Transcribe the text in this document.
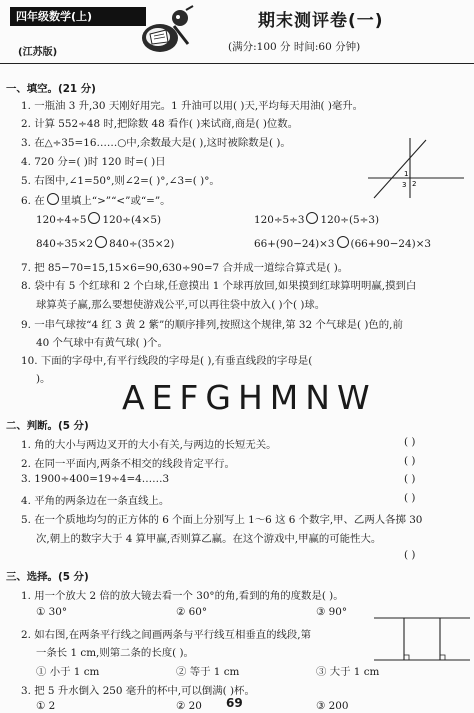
四年级数学(上)
(江苏版)
期末测评卷(一)
(满分:100 分 时间:60 分钟)
一、填空。(21 分)
1. 一瓶油 3 升,30 天刚好用完。1 升油可以用( )天,平均每天用油( )毫升。
2. 计算 552÷48 时,把除数 48 看作( )来试商,商是( )位数。
3. 在△÷35=16……○中,余数最大是( ),这时被除数是( )。
4. 720 分=( )时 120 时=( )日
5. 右图中,∠1=50°,则∠2=( )°,∠3=( )°。
1
2
3
6. 在 里填上“>”“<”或“=”。
120÷4÷5 120÷(4×5)	120÷5÷3 120÷(5÷3)
840÷35×2 840÷(35×2)	66+(90−24)×3 (66+90−24)×3
7. 把 85−70=15,15×6=90,630÷90=7 合并成一道综合算式是( )。
8. 袋中有 5 个红球和 2 个白球,任意摸出 1 个球再放回,如果摸到红球算明明赢,摸到白
球算英子赢,那么要想使游戏公平,可以再往袋中放入( )个( )球。
9. 一串气球按“4 红 3 黄 2 紫”的顺序排列,按照这个规律,第 32 个气球是( )色的,前
40 个气球中有黄气球( )个。
10. 下面的字母中,有平行线段的字母是( ),有垂直线段的字母是(
)。 AEFGHMNW
二、判断。(5 分)
1. 角的大小与两边叉开的大小有关,与两边的长短无关。
2. 在同一平面内,两条不相交的线段肯定平行。
3. 1900÷400=19÷4=4……3
4. 平角的两条边在一条直线上。
5. 在一个质地均匀的正方体的 6 个面上分别写上 1～6 这 6 个数字,甲、乙两人各掷 30
次,朝上的数字大于 4 算甲赢,否则算乙赢。在这个游戏中,甲赢的可能性大。
( )
( )
( )
( )
( )
三、选择。(5 分)
1. 用一个放大 2 倍的放大镜去看一个 30°的角,看到的角的度数是( )。
① 30°	② 60°	③ 90°
2. 如右图,在两条平行线之间画两条与平行线互相垂直的线段,第
一条长 1 cm,则第二条的长度( )。
① 小于 1 cm	② 等于 1 cm	③ 大于 1 cm
3. 把 5 升水倒入 250 毫升的杯中,可以倒满( )杯。
① 2	② 20	③ 200
69
